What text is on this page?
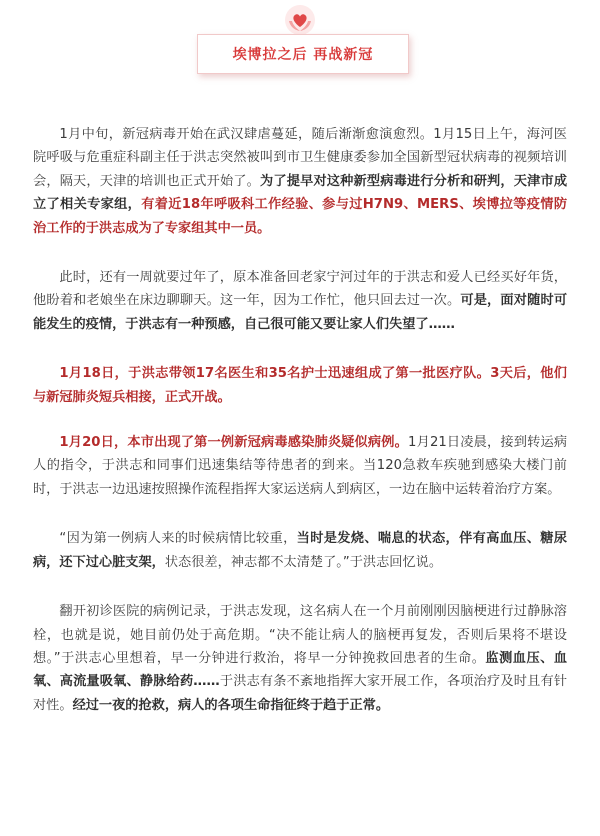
埃博拉之后 再战新冠

1月中旬，新冠病毒开始在武汉肆虐蔓延，随后渐渐愈演愈烈。1月15日上午，海河医院呼吸与危重症科副主任于洪志突然被叫到市卫生健康委参加全国新型冠状病毒的视频培训会，隔天，天津的培训也正式开始了。为了提早对这种新型病毒进行分析和研判，天津市成立了相关专家组，有着近18年呼吸科工作经验、参与过H7N9、MERS、埃博拉等疫情防治工作的于洪志成为了专家组其中一员。

此时，还有一周就要过年了，原本准备回老家宁河过年的于洪志和爱人已经买好年货，他盼着和老娘坐在床边聊聊天。这一年，因为工作忙，他只回去过一次。可是，面对随时可能发生的疫情，于洪志有一种预感，自己很可能又要让家人们失望了……

1月18日，于洪志带领17名医生和35名护士迅速组成了第一批医疗队。3天后，他们与新冠肺炎短兵相接，正式开战。

1月20日，本市出现了第一例新冠病毒感染肺炎疑似病例。1月21日凌晨，接到转运病人的指令，于洪志和同事们迅速集结等待患者的到来。当120急救车疾驰到感染大楼门前时，于洪志一边迅速按照操作流程指挥大家运送病人到病区，一边在脑中运转着治疗方案。

“因为第一例病人来的时候病情比较重，当时是发烧、喘息的状态，伴有高血压、糖尿病，还下过心脏支架，状态很差，神志都不太清楚了。”于洪志回忆说。

翻开初诊医院的病例记录，于洪志发现，这名病人在一个月前刚刚因脑梗进行过静脉溶栓，也就是说，她目前仍处于高危期。“决不能让病人的脑梗再复发，否则后果将不堪设想。”于洪志心里想着，早一分钟进行救治，将早一分钟挽救回患者的生命。监测血压、血氧、高流量吸氧、静脉给药……于洪志有条不紊地指挥大家开展工作，各项治疗及时且有针对性。经过一夜的抢救，病人的各项生命指征终于趋于正常。
